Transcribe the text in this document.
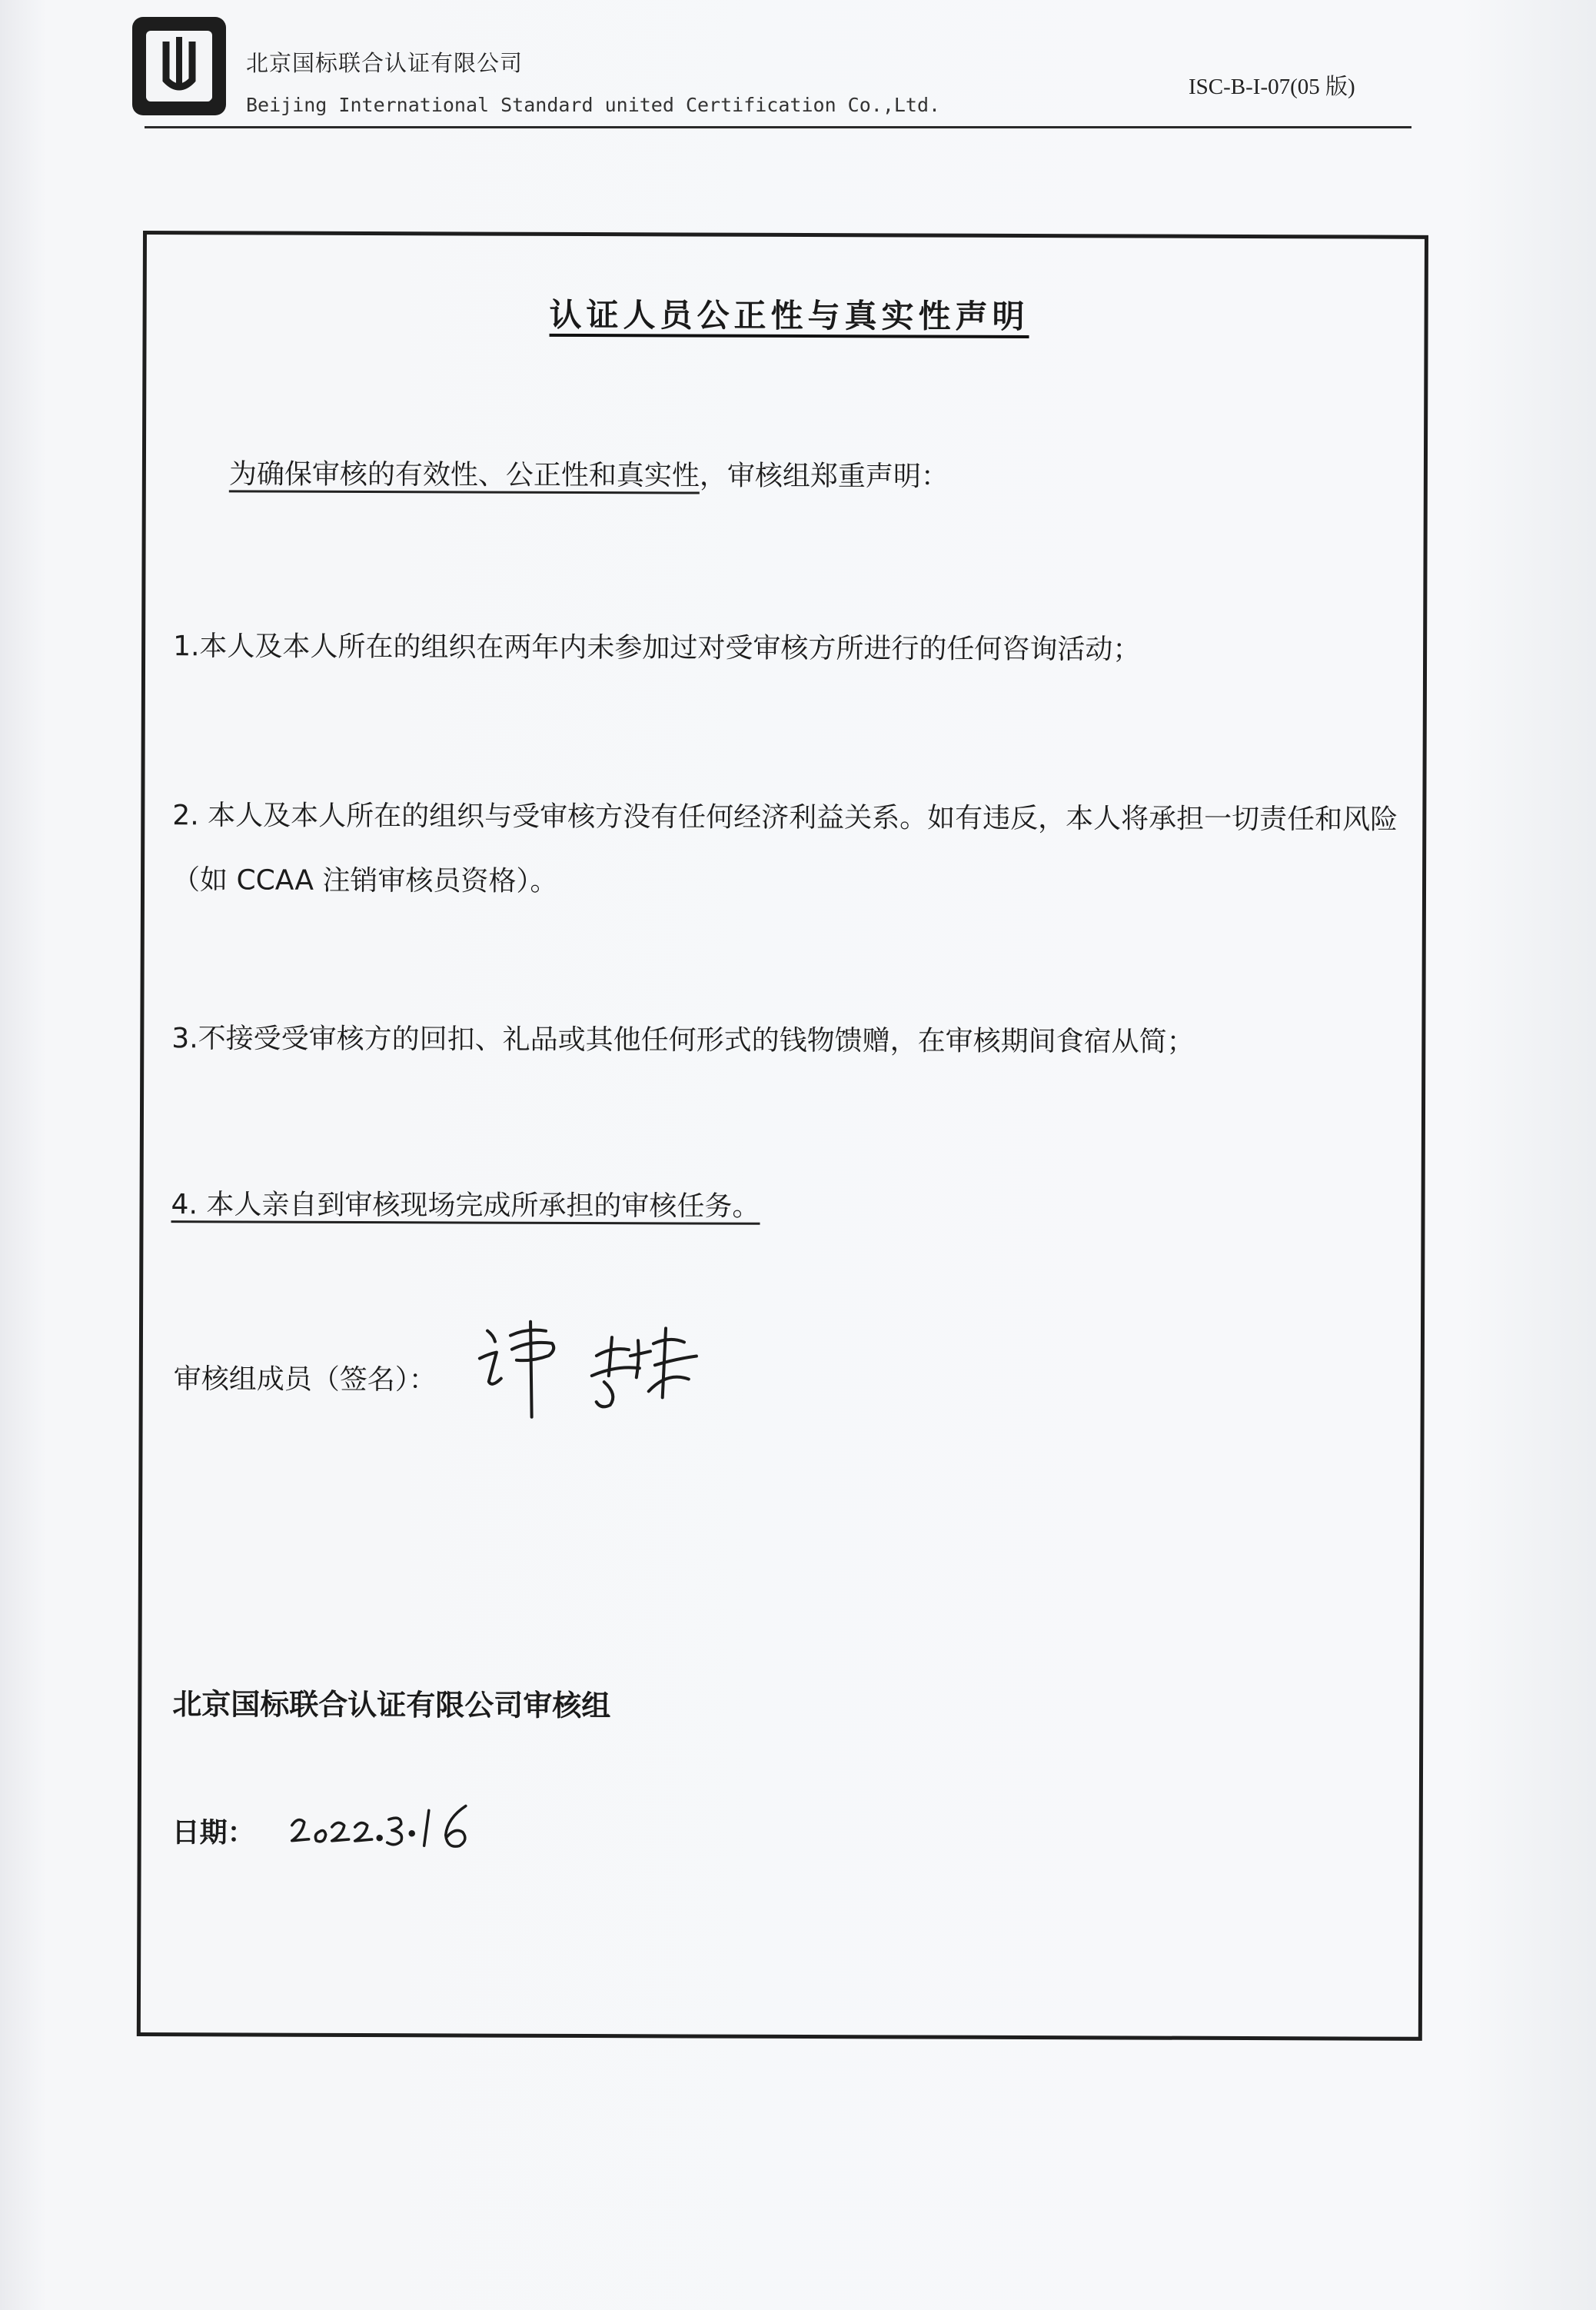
北京国标联合认证有限公司
Beijing International Standard united Certification Co.,Ltd.
ISC-B-I-07(05 版)
认证人员公正性与真实性声明
为确保审核的有效性、公正性和真实性，审核组郑重声明：
1.本人及本人所在的组织在两年内未参加过对受审核方所进行的任何咨询活动；
2. 本人及本人所在的组织与受审核方没有任何经济利益关系。如有违反，本人将承担一切责任和风险（如 CCAA 注销审核员资格）。
3.不接受受审核方的回扣、礼品或其他任何形式的钱物馈赠，在审核期间食宿从简；
4. 本人亲自到审核现场完成所承担的审核任务。
审核组成员（签名）：
北京国标联合认证有限公司审核组
日期：
